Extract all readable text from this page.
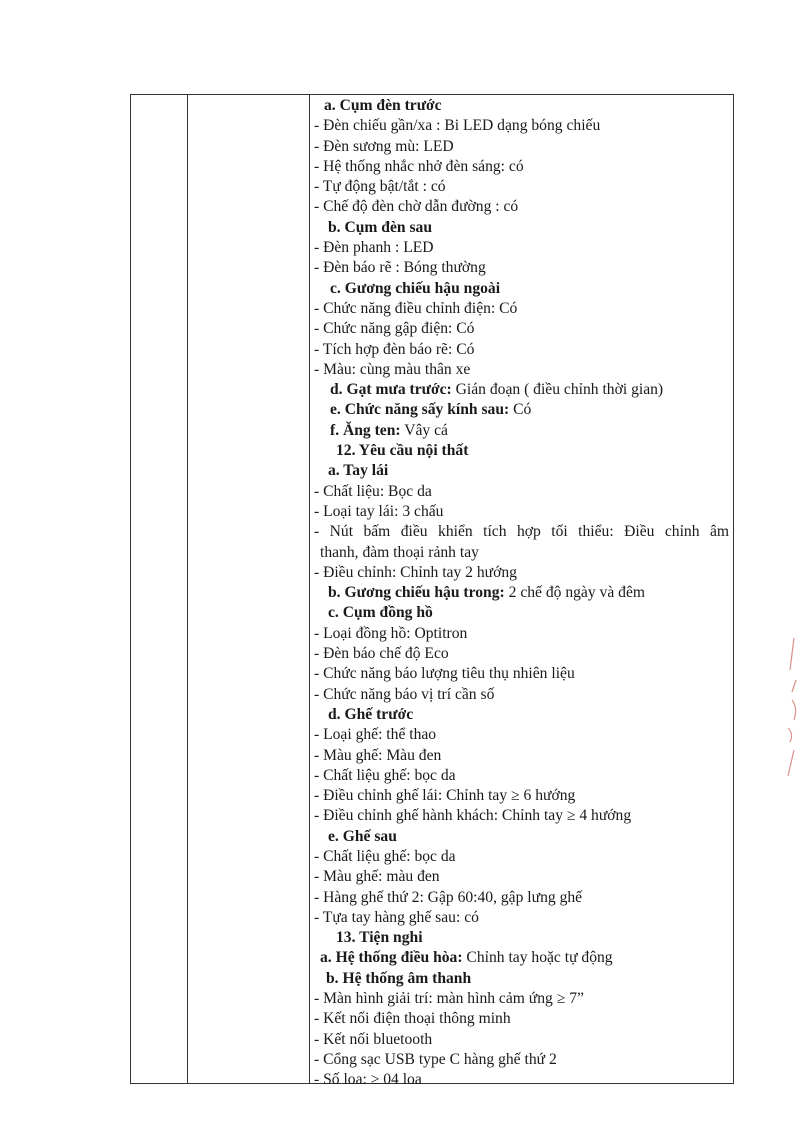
a. Cụm đèn trước
- Đèn chiếu gần/xa : Bi LED dạng bóng chiếu
- Đèn sương mù: LED
- Hệ thống nhắc nhở đèn sáng: có
- Tự động bật/tắt : có
- Chế độ đèn chờ dẫn đường : có
b. Cụm đèn sau
- Đèn phanh : LED
- Đèn báo rẽ : Bóng thường
c. Gương chiếu hậu ngoài
- Chức năng điều chỉnh điện: Có
- Chức năng gập điện: Có
- Tích hợp đèn báo rẽ: Có
- Màu: cùng màu thân xe
d. Gạt mưa trước: Gián đoạn ( điều chỉnh thời gian)
e. Chức năng sấy kính sau: Có
f. Ăng ten: Vây cá
12. Yêu cầu nội thất
a. Tay lái
- Chất liệu: Bọc da
- Loại tay lái: 3 chấu
- Nút bấm điều khiển tích hợp tối thiểu: Điều chỉnh âm
thanh, đàm thoại rảnh tay
- Điều chỉnh: Chỉnh tay 2 hướng
b. Gương chiếu hậu trong: 2 chế độ ngày và đêm
c. Cụm đồng hồ
- Loại đồng hồ: Optitron
- Đèn báo chế độ Eco
- Chức năng báo lượng tiêu thụ nhiên liệu
- Chức năng báo vị trí cần số
d. Ghế trước
- Loại ghế: thể thao
- Màu ghế: Màu đen
- Chất liệu ghế: bọc da
- Điều chỉnh ghế lái: Chỉnh tay ≥ 6 hướng
- Điều chỉnh ghế hành khách: Chỉnh tay ≥ 4 hướng
e. Ghế sau
- Chất liệu ghế: bọc da
- Màu ghế: màu đen
- Hàng ghế thứ 2: Gập 60:40, gập lưng ghế
- Tựa tay hàng ghế sau: có
13. Tiện nghi
a. Hệ thống điều hòa: Chỉnh tay hoặc tự động
b. Hệ thống âm thanh
- Màn hình giải trí: màn hình cảm ứng ≥ 7”
- Kết nối điện thoại thông minh
- Kết nối bluetooth
- Cổng sạc USB type C hàng ghế thứ 2
- Số loa: ≥ 04 loa
